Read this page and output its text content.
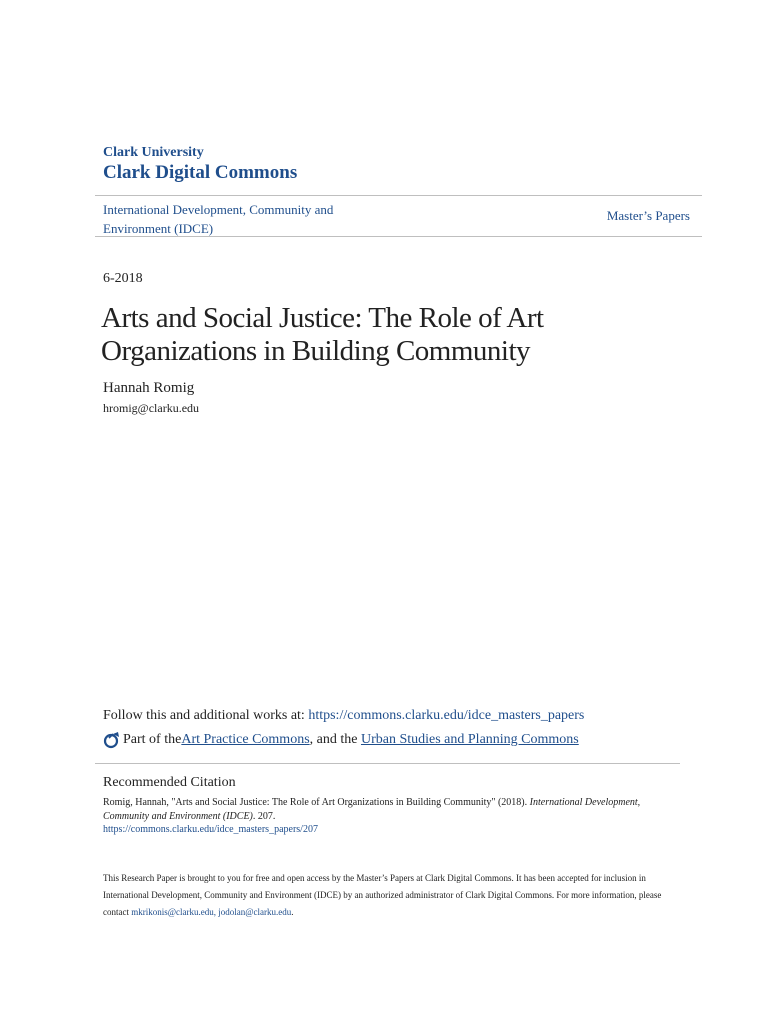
Clark University
Clark Digital Commons
International Development, Community and Environment (IDCE)
Master’s Papers
6-2018
Arts and Social Justice: The Role of Art Organizations in Building Community
Hannah Romig
hromig@clarku.edu
Follow this and additional works at: https://commons.clarku.edu/idce_masters_papers
Part of the Art Practice Commons , and the Urban Studies and Planning Commons
Recommended Citation
Romig, Hannah, "Arts and Social Justice: The Role of Art Organizations in Building Community" (2018). International Development, Community and Environment (IDCE). 207.
https://commons.clarku.edu/idce_masters_papers/207
This Research Paper is brought to you for free and open access by the Master’s Papers at Clark Digital Commons. It has been accepted for inclusion in International Development, Community and Environment (IDCE) by an authorized administrator of Clark Digital Commons. For more information, please contact mkrikonis@clarku.edu, jodolan@clarku.edu.
